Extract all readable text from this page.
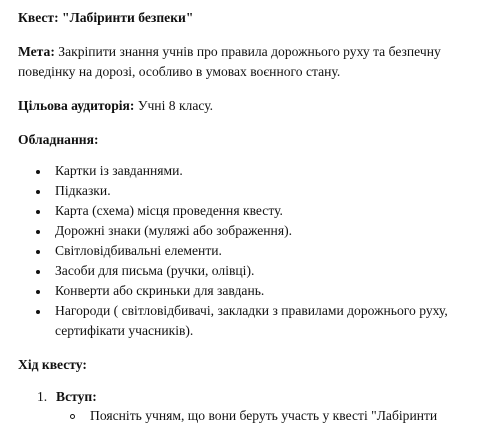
Квест: "Лабіринти безпеки"
Мета: Закріпити знання учнів про правила дорожнього руху та безпечну
поведінку на дорозі, особливо в умовах воєнного стану.
Цільова аудиторія: Учні 8 класу.
Обладнання:
Картки із завданнями.
Підказки.
Карта (схема) місця проведення квесту.
Дорожні знаки (муляжі або зображення).
Світловідбивальні елементи.
Засоби для письма (ручки, олівці).
Конверти або скриньки для завдань.
Нагороди ( світловідбивачі, закладки з правилами дорожнього руху,
сертифікати учасників).
Хід квесту:
1. Вступ:
Поясніть учням, що вони беруть участь у квесті "Лабіринти
